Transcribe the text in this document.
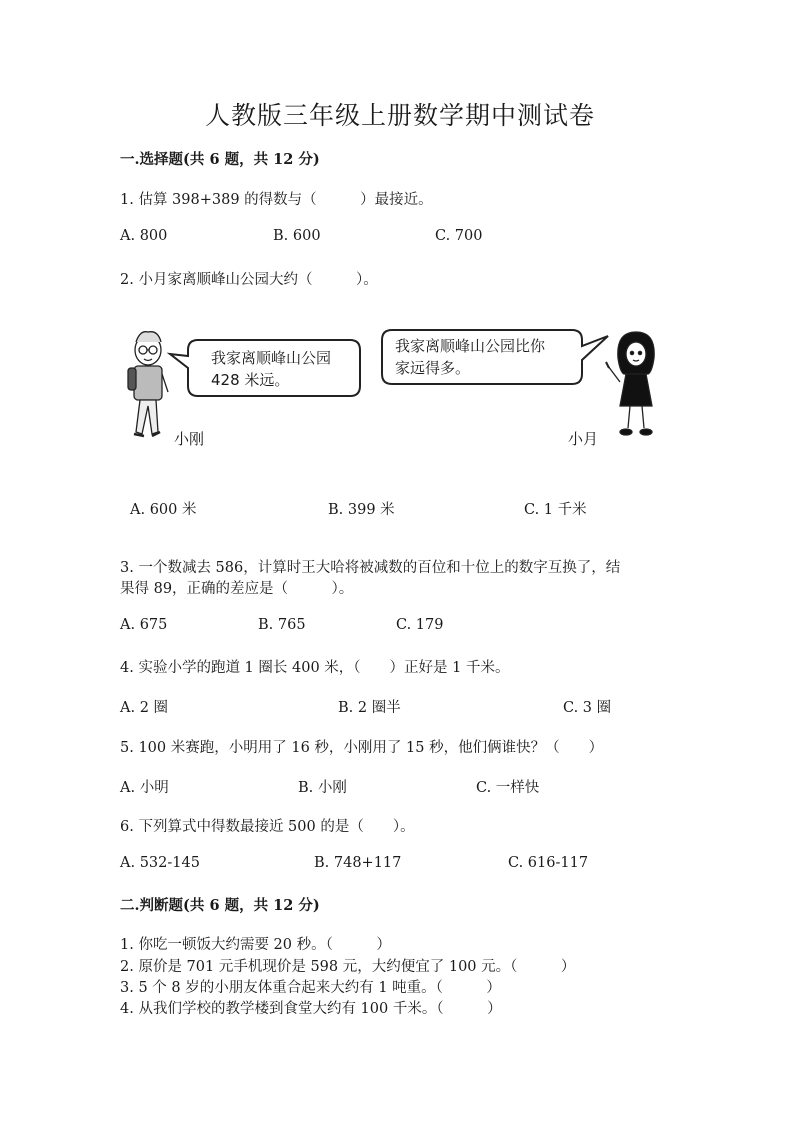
人教版三年级上册数学期中测试卷
一.选择题(共 6 题，共 12 分)
1. 估算 398+389 的得数与（　　　）最接近。
A. 800	B. 600	C. 700
2. 小月家离顺峰山公园大约（　　　）。
我家离顺峰山公园
428 米远。
我家离顺峰山公园比你
家远得多。
小刚	小月
A. 600 米	B. 399 米	C. 1 千米
3. 一个数减去 586，计算时王大哈将被减数的百位和十位上的数字互换了，结
果得 89，正确的差应是（　　　）。
A. 675	B. 765	C. 179
4. 实验小学的跑道 1 圈长 400 米，（　　）正好是 1 千米。
A. 2 圈	B. 2 圈半	C. 3 圈
5. 100 米赛跑，小明用了 16 秒，小刚用了 15 秒，他们俩谁快？（　　）
A. 小明	B. 小刚	C. 一样快
6. 下列算式中得数最接近 500 的是（　　）。
A. 532-145	B. 748+117	C. 616-117
二.判断题(共 6 题，共 12 分)
1. 你吃一顿饭大约需要 20 秒。（　　　）
2. 原价是 701 元手机现价是 598 元，大约便宜了 100 元。（　　　）
3. 5 个 8 岁的小朋友体重合起来大约有 1 吨重。（　　　）
4. 从我们学校的教学楼到食堂大约有 100 千米。（　　　）
